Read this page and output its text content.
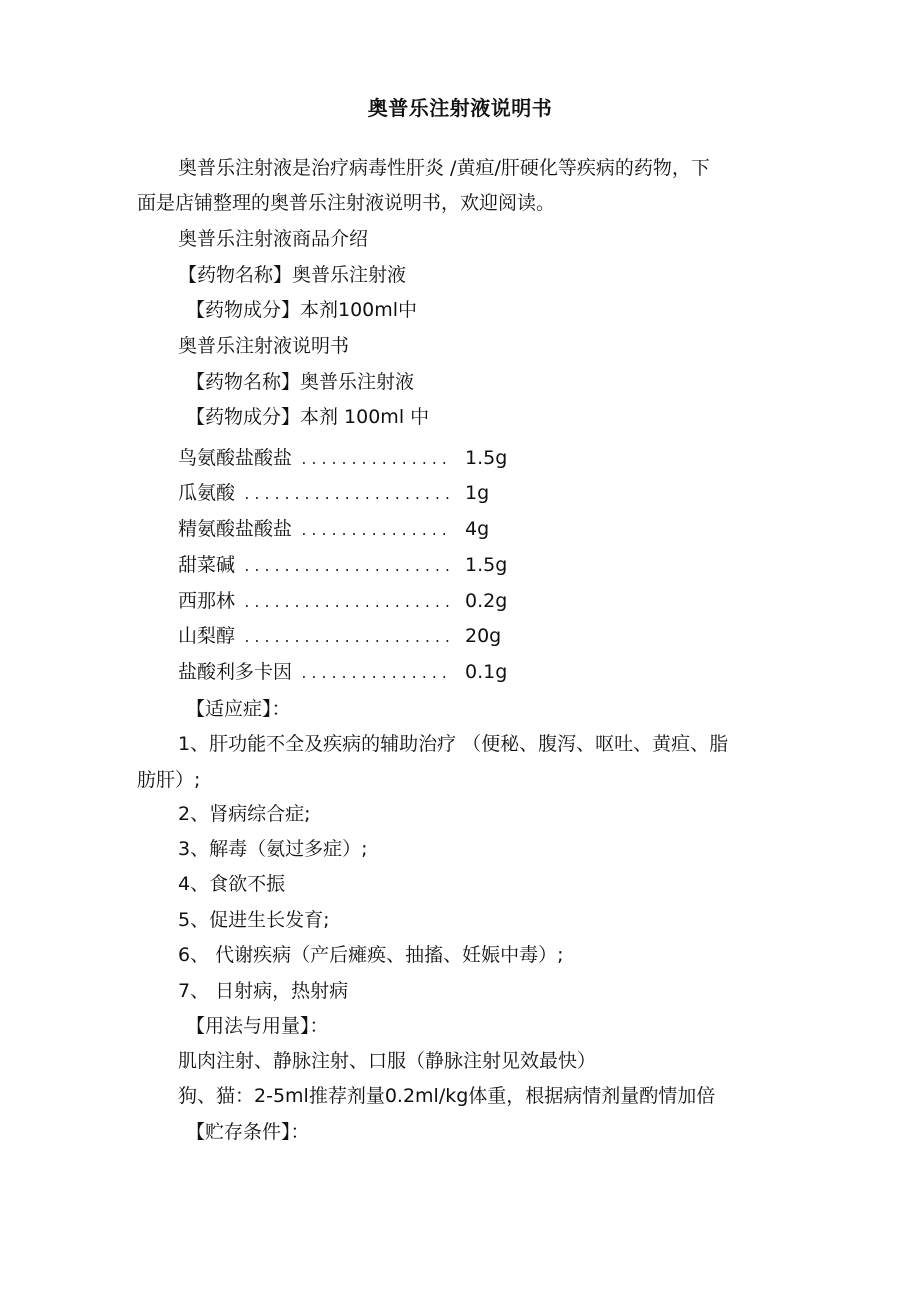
奥普乐注射液说明书
奥普乐注射液是治疗病毒性肝炎 /黄疸/肝硬化等疾病的药物，下
面是店铺整理的奥普乐注射液说明书，欢迎阅读。
奥普乐注射液商品介绍
【药物名称】奥普乐注射液
【药物成分】本剂100ml中
奥普乐注射液说明书
【药物名称】奥普乐注射液
【药物成分】本剂 100ml 中
鸟氨酸盐酸盐 ............... 1.5g
瓜氨酸 ..................... 1g
精氨酸盐酸盐 ............... 4g
甜菜碱 ..................... 1.5g
西那林 ..................... 0.2g
山梨醇 ..................... 20g
盐酸利多卡因 ............... 0.1g
【适应症】：
1、肝功能不全及疾病的辅助治疗 （便秘、腹泻、呕吐、黄疸、脂
肪肝）;
2、肾病综合症;
3、解毒（氨过多症）;
4、食欲不振
5、促进生长发育;
6、 代谢疾病（产后瘫痪、抽搐、妊娠中毒）;
7、 日射病，热射病
【用法与用量】：
肌肉注射、静脉注射、口服（静脉注射见效最快）
狗、猫：2-5ml推荐剂量0.2ml/kg体重，根据病情剂量酌情加倍
【贮存条件】：
